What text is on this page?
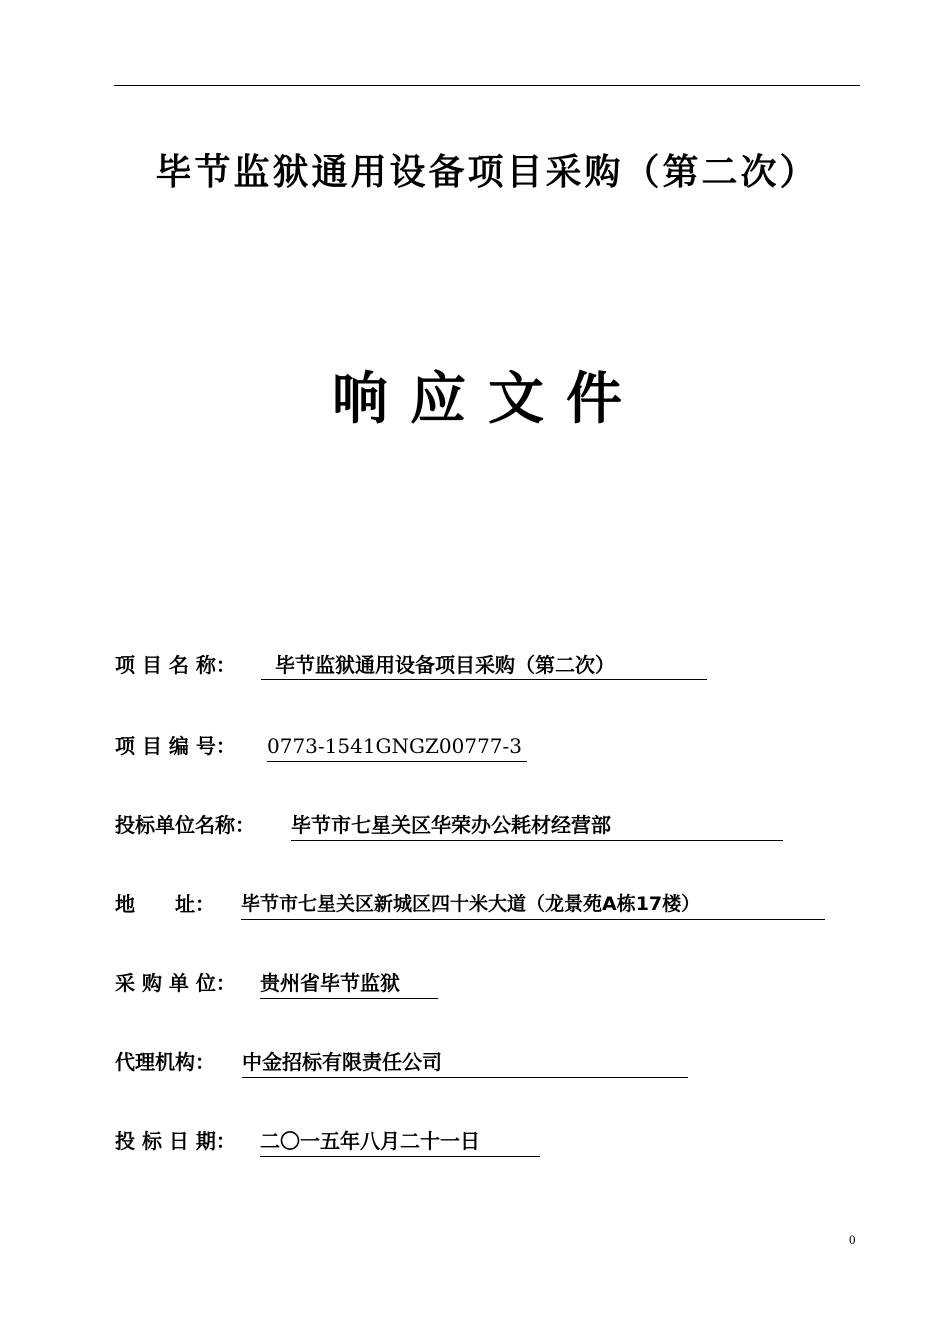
毕节监狱通用设备项目采购（第二次）
响应文件
项 目 名 称：	毕节监狱通用设备项目采购（第二次）
项 目 编 号： 0773-1541GNGZ00777-3
投标单位名称： 毕节市七星关区华荣办公耗材经营部
地　　址： 毕节市七星关区新城区四十米大道（龙景苑A栋17楼）
采 购 单 位： 贵州省毕节监狱
代理机构： 中金招标有限责任公司
投 标 日 期： 二〇一五年八月二十一日
0
